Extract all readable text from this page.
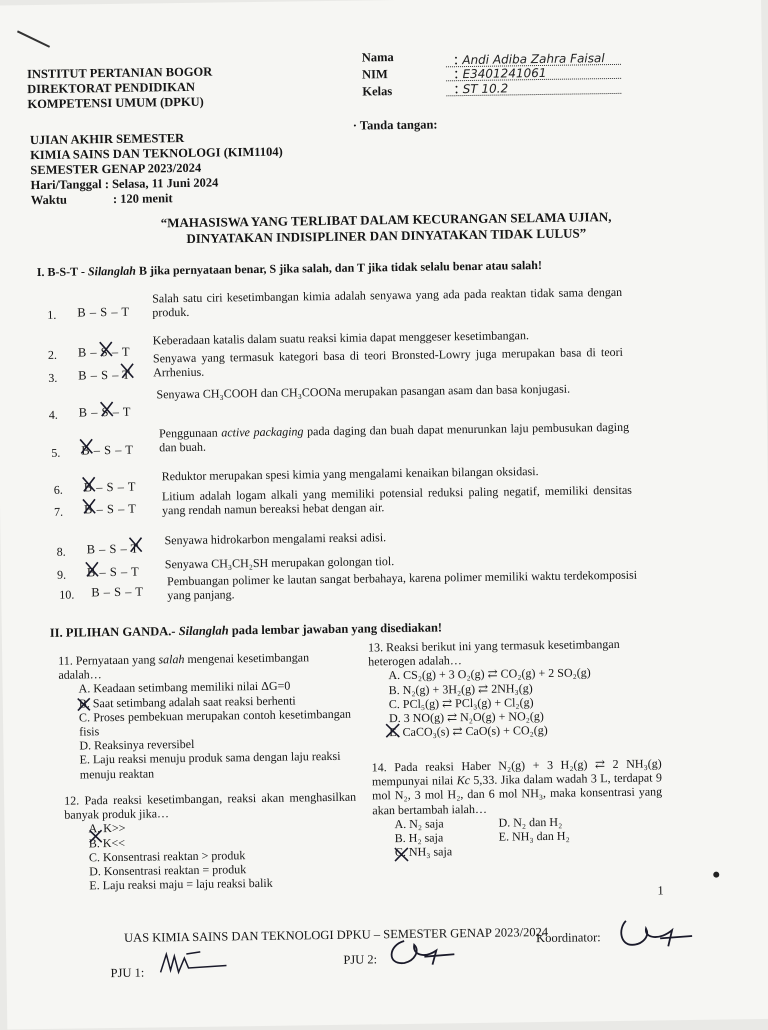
INSTITUT PERTANIAN BOGOR
DIREKTORAT PENDIDIKAN
KOMPETENSI UMUM (DPKU)
Nama	: Andi Adiba Zahra Faisal
NIM	: E3401241061
Kelas	: ST 10.2
· Tanda tangan:
UJIAN AKHIR SEMESTER
KIMIA SAINS DAN TEKNOLOGI (KIM1104)
SEMESTER GENAP 2023/2024
Hari/Tanggal : Selasa, 11 Juni 2024
Waktu	: 120 menit
“MAHASISWA YANG TERLIBAT DALAM KECURANGAN SELAMA UJIAN,
DINYATAKAN INDISIPLINER DAN DINYATAKAN TIDAK LULUS”
I. B-S-T - Silanglah B jika pernyataan benar, S jika salah, dan T jika tidak selalu benar atau salah!
1. B – S – T
Salah satu ciri kesetimbangan kimia adalah senyawa yang ada pada reaktan tidak sama dengan produk.
2. B – S – T
Keberadaan katalis dalam suatu reaksi kimia dapat menggeser kesetimbangan.
3. B – S – T
Senyawa yang termasuk kategori basa di teori Bronsted-Lowry juga merupakan basa di teori Arrhenius.
4. B – S – T
Senyawa CH₃COOH dan CH₃COONa merupakan pasangan asam dan basa konjugasi.
5. B – S – T
Penggunaan active packaging pada daging dan buah dapat menurunkan laju pembusukan daging dan buah.
6. B – S – T
Reduktor merupakan spesi kimia yang mengalami kenaikan bilangan oksidasi.
7. B – S – T
Litium adalah logam alkali yang memiliki potensial reduksi paling negatif, memiliki densitas yang rendah namun bereaksi hebat dengan air.
8. B – S – T
Senyawa hidrokarbon mengalami reaksi adisi.
9. B – S – T
Senyawa CH₃CH₂SH merupakan golongan tiol.
10. B – S – T
Pembuangan polimer ke lautan sangat berbahaya, karena polimer memiliki waktu terdekomposisi yang panjang.
II. PILIHAN GANDA.- Silanglah pada lembar jawaban yang disediakan!
11. Pernyataan yang salah mengenai kesetimbangan adalah…
A. Keadaan setimbang memiliki nilai ΔG=0
B. Saat setimbang adalah saat reaksi berhenti
C. Proses pembekuan merupakan contoh kesetimbangan fisis
D. Reaksinya reversibel
E. Laju reaksi menuju produk sama dengan laju reaksi menuju reaktan
12. Pada reaksi kesetimbangan, reaksi akan menghasilkan banyak produk jika…
A. K>>
B. K<<
C. Konsentrasi reaktan > produk
D. Konsentrasi reaktan = produk
E. Laju reaksi maju = laju reaksi balik
13. Reaksi berikut ini yang termasuk kesetimbangan heterogen adalah…
A. CS₂(g) + 3 O₂(g) ⇄ CO₂(g) + 2 SO₂(g)
B. N₂(g) + 3H₂(g) ⇄ 2NH₃(g)
C. PCl₅(g) ⇄ PCl₃(g) + Cl₂(g)
D. 3 NO(g) ⇄ N₂O(g) + NO₂(g)
E. CaCO₃(s) ⇄ CaO(s) + CO₂(g)
14. Pada reaksi Haber N₂(g) + 3 H₂(g) ⇄ 2 NH₃(g) mempunyai nilai Kc 5,33. Jika dalam wadah 3 L, terdapat 9 mol N₂, 3 mol H₂, dan 6 mol NH₃, maka konsentrasi yang akan bertambah ialah…
A. N₂ saja	D. N₂ dan H₂
B. H₂ saja	E. NH₃ dan H₂
C. NH₃ saja
1
UAS KIMIA SAINS DAN TEKNOLOGI DPKU – SEMESTER GENAP 2023/2024
PJU 1:
PJU 2:
Koordinator:
